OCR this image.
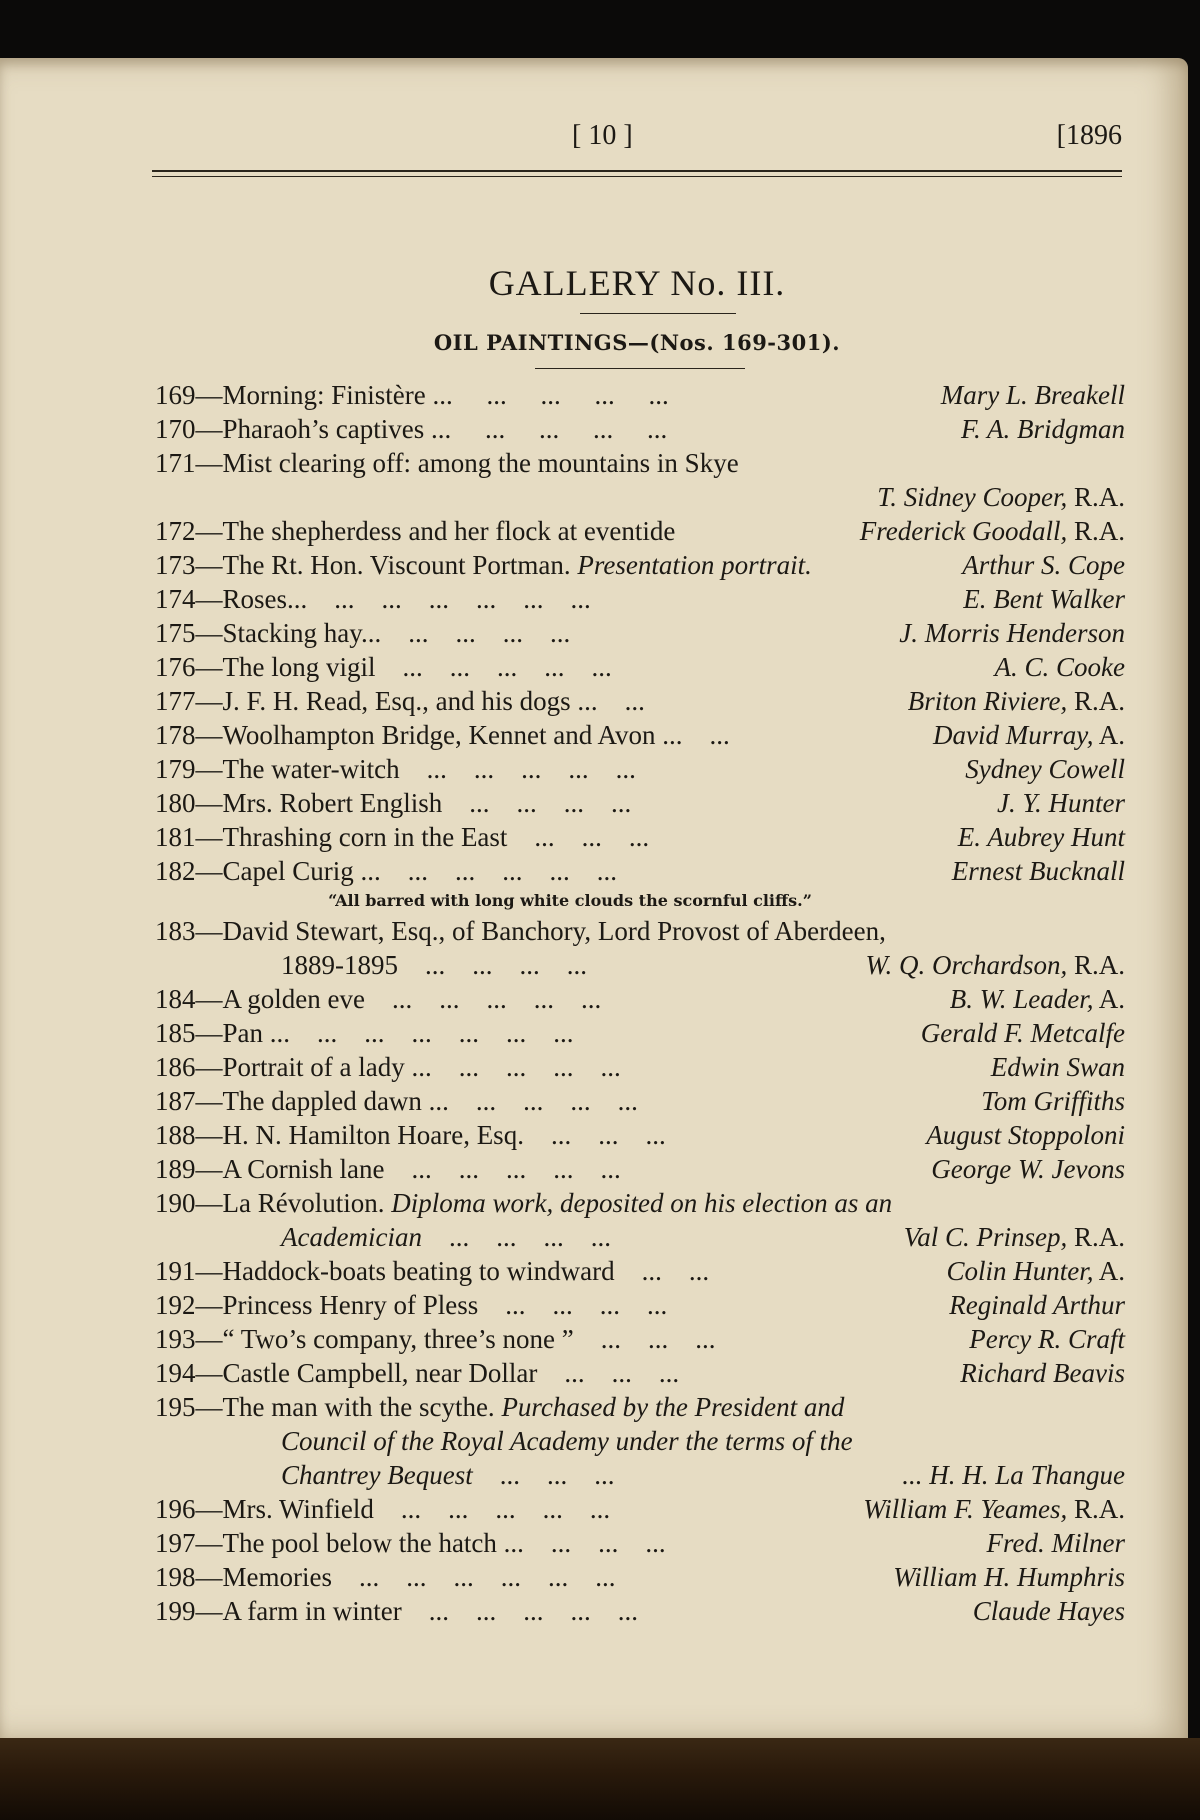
[ 10 ]	[1896
GALLERY No. III.
OIL PAINTINGS—(Nos. 169-301).
169—Morning: Finistère ...     ...     ...     ...     ...	Mary L. Breakell
170—Pharaoh’s captives ...     ...     ...     ...     ...	F. A. Bridgman
171—Mist clearing off: among the mountains in Skye
T. Sidney Cooper, R.A.
172—The shepherdess and her flock at eventide	Frederick Goodall, R.A.
173—The Rt. Hon. Viscount Portman. Presentation portrait.	Arthur S. Cope
174—Roses...    ...    ...    ...    ...    ...    ...	E. Bent Walker
175—Stacking hay...    ...    ...    ...    ...	J. Morris Henderson
176—The long vigil    ...    ...    ...    ...    ...	A. C. Cooke
177—J. F. H. Read, Esq., and his dogs ...    ...	Briton Riviere, R.A.
178—Woolhampton Bridge, Kennet and Avon ...    ...	David Murray, A.
179—The water-witch    ...    ...    ...    ...    ...	Sydney Cowell
180—Mrs. Robert English    ...    ...    ...    ...	J. Y. Hunter
181—Thrashing corn in the East    ...    ...    ...	E. Aubrey Hunt
182—Capel Curig ...    ...    ...    ...    ...    ...	Ernest Bucknall
“All barred with long white clouds the scornful cliffs.”
183—David Stewart, Esq., of Banchory, Lord Provost of Aberdeen,
1889-1895    ...    ...    ...    ...	W. Q. Orchardson, R.A.
184—A golden eve    ...    ...    ...    ...    ...	B. W. Leader, A.
185—Pan ...    ...    ...    ...    ...    ...    ...	Gerald F. Metcalfe
186—Portrait of a lady ...    ...    ...    ...    ...	Edwin Swan
187—The dappled dawn ...    ...    ...    ...    ...	Tom Griffiths
188—H. N. Hamilton Hoare, Esq.    ...    ...    ...	August Stoppoloni
189—A Cornish lane    ...    ...    ...    ...    ...	George W. Jevons
190—La Révolution. Diploma work, deposited on his election as an
Academician    ...    ...    ...    ...	Val C. Prinsep, R.A.
191—Haddock-boats beating to windward    ...    ...	Colin Hunter, A.
192—Princess Henry of Pless    ...    ...    ...    ...	Reginald Arthur
193—“ Two’s company, three’s none ”    ...    ...    ...	Percy R. Craft
194—Castle Campbell, near Dollar    ...    ...    ...	Richard Beavis
195—The man with the scythe. Purchased by the President and
Council of the Royal Academy under the terms of the
Chantrey Bequest    ...    ...    ...	... H. H. La Thangue
196—Mrs. Winfield    ...    ...    ...    ...    ...	William F. Yeames, R.A.
197—The pool below the hatch ...    ...    ...    ...	Fred. Milner
198—Memories    ...    ...    ...    ...    ...    ...	William H. Humphris
199—A farm in winter    ...    ...    ...    ...    ...	Claude Hayes
